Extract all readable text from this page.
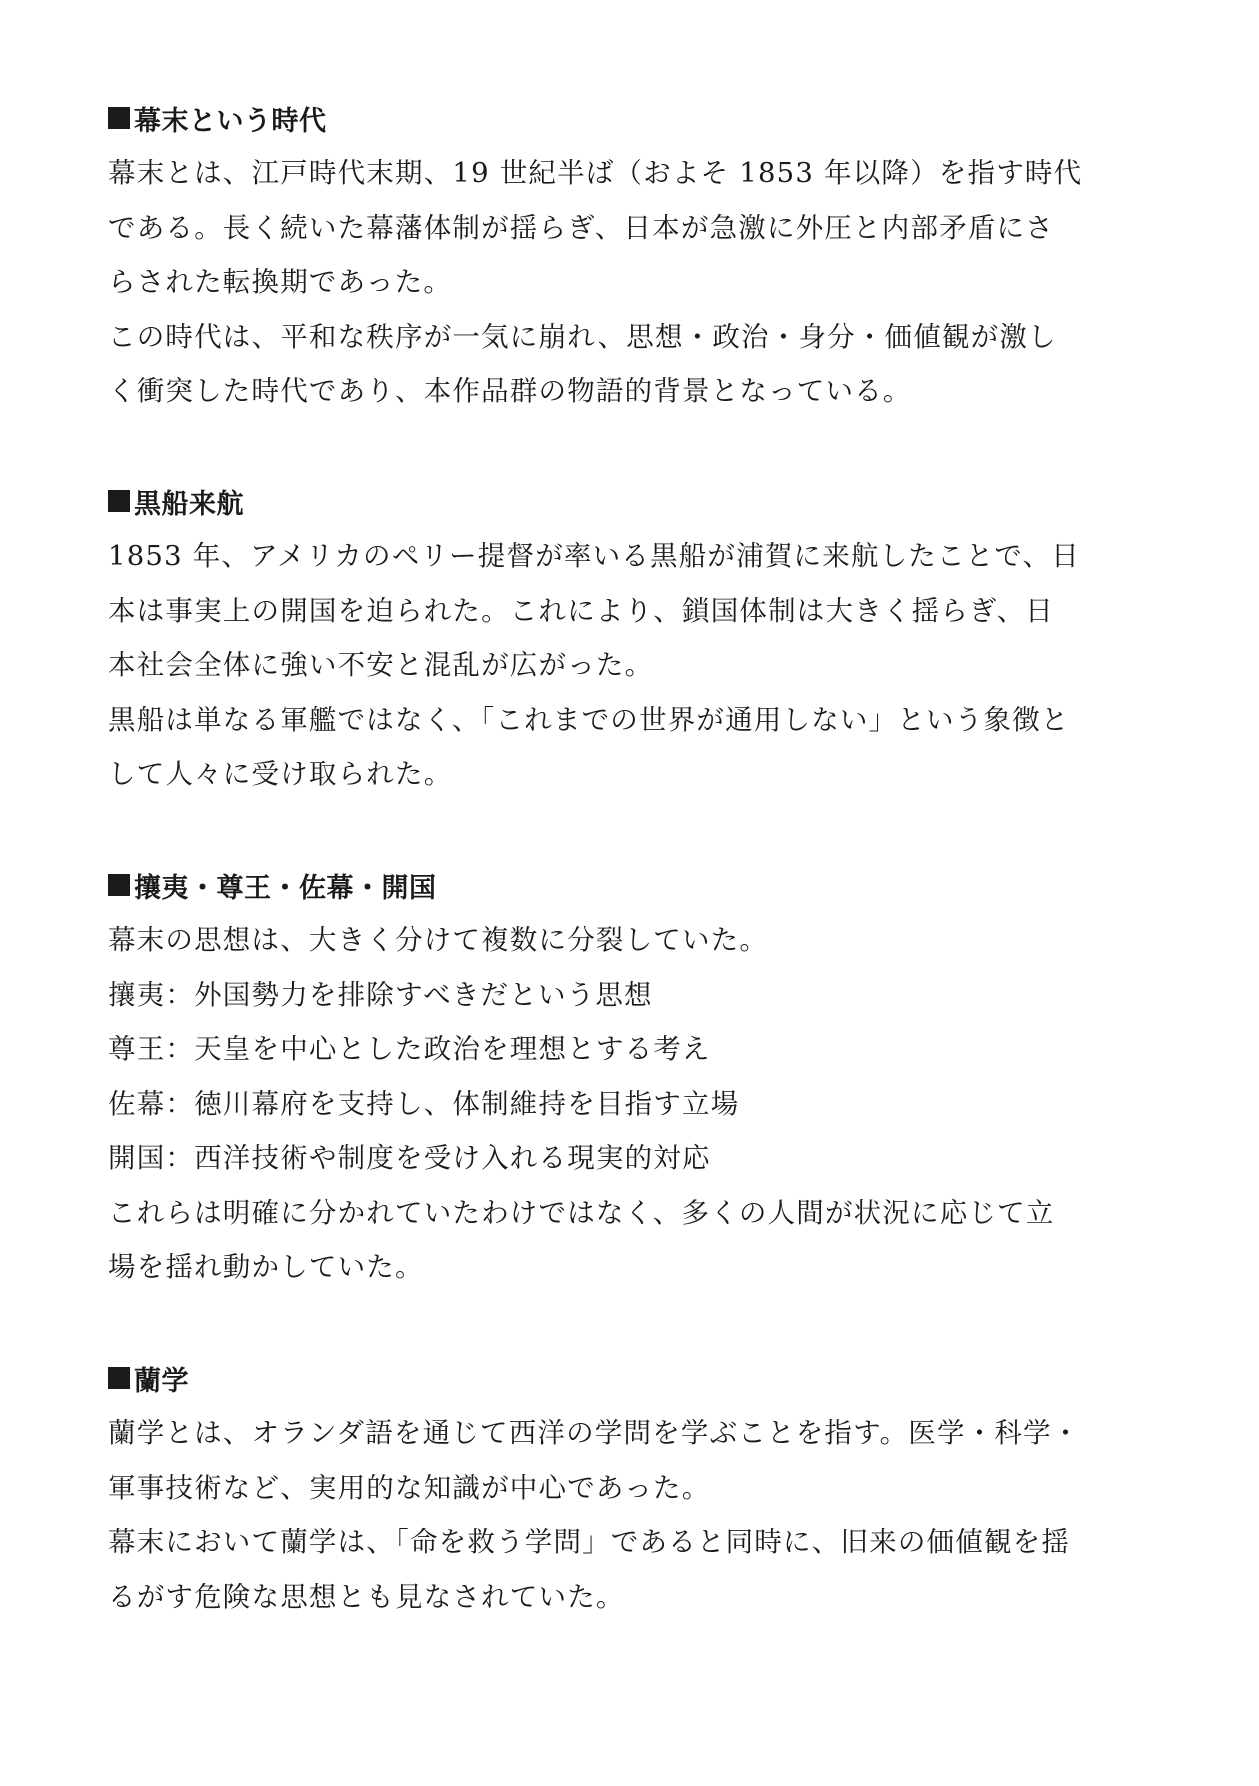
幕末という時代

幕末とは、江戸時代末期、19 世紀半ば（およそ 1853 年以降）を指す時代

である。長く続いた幕藩体制が揺らぎ、日本が急激に外圧と内部矛盾にさ

らされた転換期であった。

この時代は、平和な秩序が一気に崩れ、思想・政治・身分・価値観が激し

く衝突した時代であり、本作品群の物語的背景となっている。

黒船来航

1853 年、アメリカのペリー提督が率いる黒船が浦賀に来航したことで、日

本は事実上の開国を迫られた。これにより、鎖国体制は大きく揺らぎ、日

本社会全体に強い不安と混乱が広がった。

黒船は単なる軍艦ではなく、「これまでの世界が通用しない」という象徴と

して人々に受け取られた。

攘夷・尊王・佐幕・開国

幕末の思想は、大きく分けて複数に分裂していた。

攘夷：外国勢力を排除すべきだという思想

尊王：天皇を中心とした政治を理想とする考え

佐幕：徳川幕府を支持し、体制維持を目指す立場

開国：西洋技術や制度を受け入れる現実的対応

これらは明確に分かれていたわけではなく、多くの人間が状況に応じて立

場を揺れ動かしていた。

蘭学

蘭学とは、オランダ語を通じて西洋の学問を学ぶことを指す。医学・科学・

軍事技術など、実用的な知識が中心であった。

幕末において蘭学は、「命を救う学問」であると同時に、旧来の価値観を揺

るがす危険な思想とも見なされていた。
